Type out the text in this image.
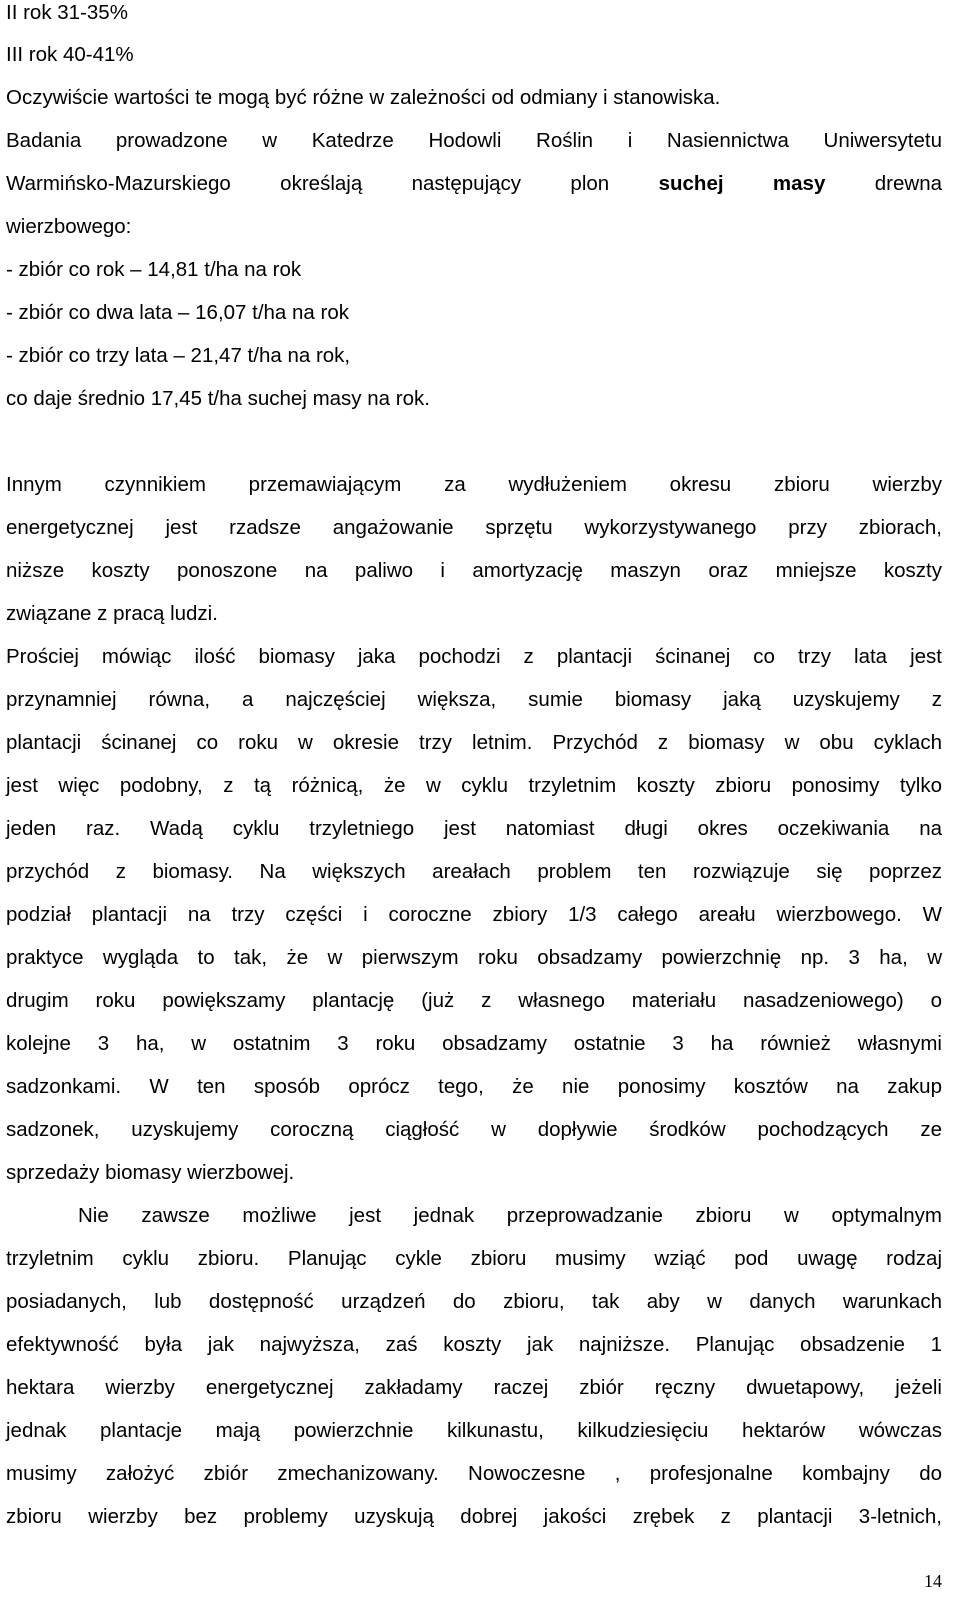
II rok 31-35%
III rok 40-41%
Oczywiście wartości te mogą być różne w zależności od odmiany i stanowiska.
Badania prowadzone w Katedrze Hodowli Roślin i Nasiennictwa Uniwersytetu
Warmińsko-Mazurskiego określają następujący plon suchej masy drewna
wierzbowego:
- zbiór co rok – 14,81 t/ha na rok
- zbiór co dwa lata – 16,07 t/ha na rok
- zbiór co trzy lata – 21,47 t/ha na rok,
co daje średnio 17,45 t/ha suchej masy na rok.
Innym czynnikiem przemawiającym za wydłużeniem okresu zbioru wierzby
energetycznej jest rzadsze angażowanie sprzętu wykorzystywanego przy zbiorach,
niższe koszty ponoszone na paliwo i amortyzację maszyn oraz mniejsze koszty
związane z pracą ludzi.
Prościej mówiąc ilość biomasy jaka pochodzi z plantacji ścinanej co trzy lata jest
przynamniej równa, a najczęściej większa, sumie biomasy jaką uzyskujemy z
plantacji ścinanej co roku w okresie trzy letnim. Przychód z biomasy w obu cyklach
jest więc podobny, z tą różnicą, że w cyklu trzyletnim koszty zbioru ponosimy tylko
jeden raz. Wadą cyklu trzyletniego jest natomiast długi okres oczekiwania na
przychód z biomasy. Na większych areałach problem ten rozwiązuje się poprzez
podział plantacji na trzy części i coroczne zbiory 1/3 całego areału wierzbowego. W
praktyce wygląda to tak, że w pierwszym roku obsadzamy powierzchnię np. 3 ha, w
drugim roku powiększamy plantację (już z własnego materiału nasadzeniowego) o
kolejne 3 ha, w ostatnim 3 roku obsadzamy ostatnie 3 ha również własnymi
sadzonkami. W ten sposób oprócz tego, że nie ponosimy kosztów na zakup
sadzonek, uzyskujemy coroczną ciągłość w dopływie środków pochodzących ze
sprzedaży biomasy wierzbowej.
Nie zawsze możliwe jest jednak przeprowadzanie zbioru w optymalnym
trzyletnim cyklu zbioru. Planując cykle zbioru musimy wziąć pod uwagę rodzaj
posiadanych, lub dostępność urządzeń do zbioru, tak aby w danych warunkach
efektywność była jak najwyższa, zaś koszty jak najniższe. Planując obsadzenie 1
hektara wierzby energetycznej zakładamy raczej zbiór ręczny dwuetapowy, jeżeli
jednak plantacje mają powierzchnie kilkunastu, kilkudziesięciu hektarów wówczas
musimy założyć zbiór zmechanizowany. Nowoczesne , profesjonalne kombajny do
zbioru wierzby bez problemy uzyskują dobrej jakości zrębek z plantacji 3-letnich,
14
